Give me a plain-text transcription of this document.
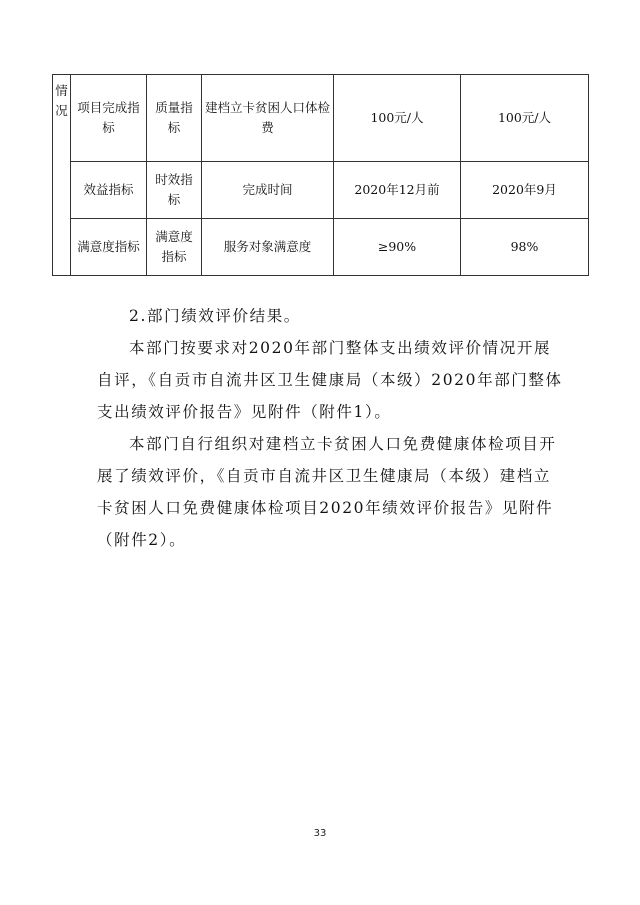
情况	项目完成指标	质量指标	建档立卡贫困人口体检费	100元/人	100元/人
	效益指标	时效指标	完成时间	2020年12月前	2020年9月
	满意度指标	满意度指标	服务对象满意度	≥90%	98%

2.部门绩效评价结果。

本部门按要求对2020年部门整体支出绩效评价情况开展自评，《自贡市自流井区卫生健康局（本级）2020年部门整体支出绩效评价报告》见附件（附件1）。

本部门自行组织对建档立卡贫困人口免费健康体检项目开展了绩效评价，《自贡市自流井区卫生健康局（本级）建档立卡贫困人口免费健康体检项目2020年绩效评价报告》见附件（附件2）。

33
